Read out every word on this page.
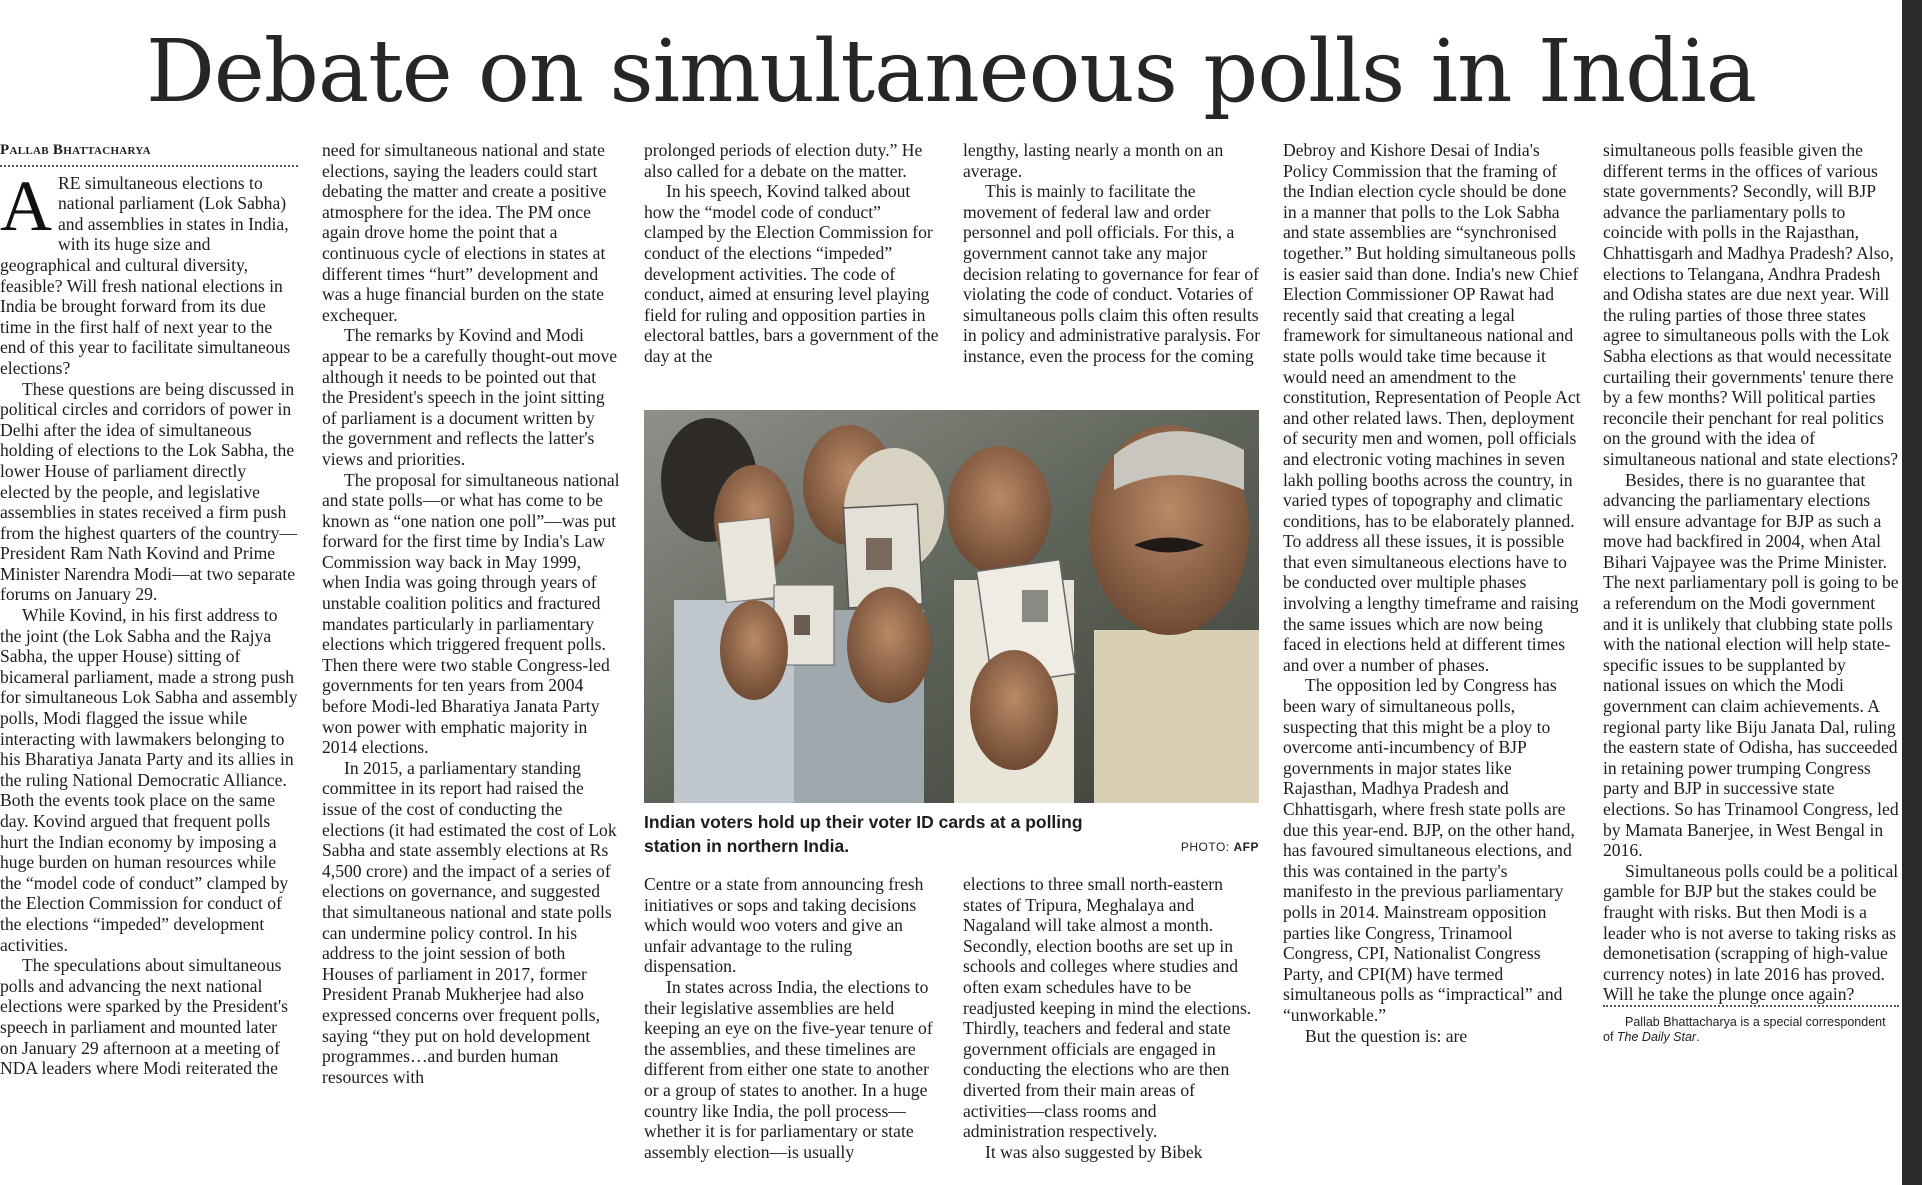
Debate on simultaneous polls in India
Pallab Bhattacharya

ARE simultaneous elections to national parliament (Lok Sabha) and assemblies in states in India, with its huge size and geographical and cultural diversity, feasible? Will fresh national elections in India be brought forward from its due time in the first half of next year to the end of this year to facilitate simultaneous elections?

These questions are being discussed in political circles and corridors of power in Delhi after the idea of simultaneous holding of elections to the Lok Sabha, the lower House of parliament directly elected by the people, and legislative assemblies in states received a firm push from the highest quarters of the country—President Ram Nath Kovind and Prime Minister Narendra Modi—at two separate forums on January 29.

While Kovind, in his first address to the joint (the Lok Sabha and the Rajya Sabha, the upper House) sitting of bicameral parliament, made a strong push for simultaneous Lok Sabha and assembly polls, Modi flagged the issue while interacting with lawmakers belonging to his Bharatiya Janata Party and its allies in the ruling National Democratic Alliance. Both the events took place on the same day. Kovind argued that frequent polls hurt the Indian economy by imposing a huge burden on human resources while the “model code of conduct” clamped by the Election Commission for conduct of the elections “impeded” development activities.

The speculations about simultaneous polls and advancing the next national elections were sparked by the President's speech in parliament and mounted later on January 29 afternoon at a meeting of NDA leaders where Modi reiterated the

need for simultaneous national and state elections, saying the leaders could start debating the matter and create a positive atmosphere for the idea. The PM once again drove home the point that a continuous cycle of elections in states at different times “hurt” development and was a huge financial burden on the state exchequer.

The remarks by Kovind and Modi appear to be a carefully thought-out move although it needs to be pointed out that the President's speech in the joint sitting of parliament is a document written by the government and reflects the latter's views and priorities.

The proposal for simultaneous national and state polls—or what has come to be known as “one nation one poll”—was put forward for the first time by India's Law Commission way back in May 1999, when India was going through years of unstable coalition politics and fractured mandates particularly in parliamentary elections which triggered frequent polls. Then there were two stable Congress-led governments for ten years from 2004 before Modi-led Bharatiya Janata Party won power with emphatic majority in 2014 elections.

In 2015, a parliamentary standing committee in its report had raised the issue of the cost of conducting the elections (it had estimated the cost of Lok Sabha and state assembly elections at Rs 4,500 crore) and the impact of a series of elections on governance, and suggested that simultaneous national and state polls can undermine policy control. In his address to the joint session of both Houses of parliament in 2017, former President Pranab Mukherjee had also expressed concerns over frequent polls, saying “they put on hold development programmes…and burden human resources with

prolonged periods of election duty.” He also called for a debate on the matter.

In his speech, Kovind talked about how the “model code of conduct” clamped by the Election Commission for conduct of the elections “impeded” development activities. The code of conduct, aimed at ensuring level playing field for ruling and opposition parties in electoral battles, bars a government of the day at the

lengthy, lasting nearly a month on an average.

This is mainly to facilitate the movement of federal law and order personnel and poll officials. For this, a government cannot take any major decision relating to governance for fear of violating the code of conduct. Votaries of simultaneous polls claim this often results in policy and administrative paralysis. For instance, even the process for the coming

Indian voters hold up their voter ID cards at a polling station in northern India.	PHOTO: AFP

Centre or a state from announcing fresh initiatives or sops and taking decisions which would woo voters and give an unfair advantage to the ruling dispensation.

In states across India, the elections to their legislative assemblies are held keeping an eye on the five-year tenure of the assemblies, and these timelines are different from either one state to another or a group of states to another. In a huge country like India, the poll process—whether it is for parliamentary or state assembly election—is usually

elections to three small north-eastern states of Tripura, Meghalaya and Nagaland will take almost a month. Secondly, election booths are set up in schools and colleges where studies and often exam schedules have to be readjusted keeping in mind the elections. Thirdly, teachers and federal and state government officials are engaged in conducting the elections who are then diverted from their main areas of activities—class rooms and administration respectively.

It was also suggested by Bibek

Debroy and Kishore Desai of India's Policy Commission that the framing of the Indian election cycle should be done in a manner that polls to the Lok Sabha and state assemblies are “synchronised together.” But holding simultaneous polls is easier said than done. India's new Chief Election Commissioner OP Rawat had recently said that creating a legal framework for simultaneous national and state polls would take time because it would need an amendment to the constitution, Representation of People Act and other related laws. Then, deployment of security men and women, poll officials and electronic voting machines in seven lakh polling booths across the country, in varied types of topography and climatic conditions, has to be elaborately planned. To address all these issues, it is possible that even simultaneous elections have to be conducted over multiple phases involving a lengthy timeframe and raising the same issues which are now being faced in elections held at different times and over a number of phases.

The opposition led by Congress has been wary of simultaneous polls, suspecting that this might be a ploy to overcome anti-incumbency of BJP governments in major states like Rajasthan, Madhya Pradesh and Chhattisgarh, where fresh state polls are due this year-end. BJP, on the other hand, has favoured simultaneous elections, and this was contained in the party's manifesto in the previous parliamentary polls in 2014. Mainstream opposition parties like Congress, Trinamool Congress, CPI, Nationalist Congress Party, and CPI(M) have termed simultaneous polls as “impractical” and “unworkable.”

But the question is: are

simultaneous polls feasible given the different terms in the offices of various state governments? Secondly, will BJP advance the parliamentary polls to coincide with polls in the Rajasthan, Chhattisgarh and Madhya Pradesh? Also, elections to Telangana, Andhra Pradesh and Odisha states are due next year. Will the ruling parties of those three states agree to simultaneous polls with the Lok Sabha elections as that would necessitate curtailing their governments' tenure there by a few months? Will political parties reconcile their penchant for real politics on the ground with the idea of simultaneous national and state elections?

Besides, there is no guarantee that advancing the parliamentary elections will ensure advantage for BJP as such a move had backfired in 2004, when Atal Bihari Vajpayee was the Prime Minister. The next parliamentary poll is going to be a referendum on the Modi government and it is unlikely that clubbing state polls with the national election will help state-specific issues to be supplanted by national issues on which the Modi government can claim achievements. A regional party like Biju Janata Dal, ruling the eastern state of Odisha, has succeeded in retaining power trumping Congress party and BJP in successive state elections. So has Trinamool Congress, led by Mamata Banerjee, in West Bengal in 2016.

Simultaneous polls could be a political gamble for BJP but the stakes could be fraught with risks. But then Modi is a leader who is not averse to taking risks as demonetisation (scrapping of high-value currency notes) in late 2016 has proved. Will he take the plunge once again?

Pallab Bhattacharya is a special correspondent of The Daily Star.
